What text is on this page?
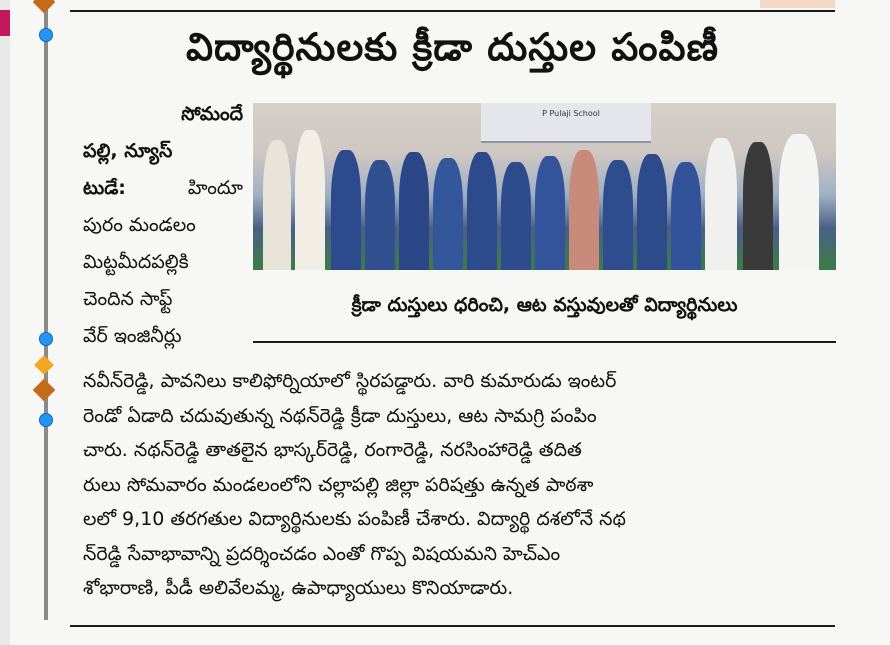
విద్యార్థినులకు క్రీడా దుస్తుల పంపిణీ
సోమందే
పల్లి, న్యూస్
టుడే:	హిందూ
పురం మండలం
మిట్టమీదపల్లికి
చెందిన సాఫ్ట్
వేర్ ఇంజినీర్లు
P Pulaji School
క్రీడా దుస్తులు ధరించి, ఆట వస్తువులతో విద్యార్థినులు
నవీన్‌రెడ్డి, పావనిలు కాలిఫోర్నియాలో స్థిరపడ్డారు. వారి కుమారుడు ఇంటర్
రెండో ఏడాది చదువుతున్న నథన్‌రెడ్డి క్రీడా దుస్తులు, ఆట సామగ్రి పంపిం
చారు. నథన్‌రెడ్డి తాతలైన భాస్కర్‌రెడ్డి, రంగారెడ్డి, నరసింహారెడ్డి తదిత
రులు సోమవారం మండలంలోని చల్లాపల్లి జిల్లా పరిషత్తు ఉన్నత పాఠశా
లలో 9,10 తరగతుల విద్యార్థినులకు పంపిణీ చేశారు. విద్యార్థి దశలోనే నథ
న్‌రెడ్డి సేవాభావాన్ని ప్రదర్శించడం ఎంతో గొప్ప విషయమని హెచ్‌ఎం
శోభారాణి, పీడీ అలివేలమ్మ, ఉపాధ్యాయులు కొనియాడారు.
